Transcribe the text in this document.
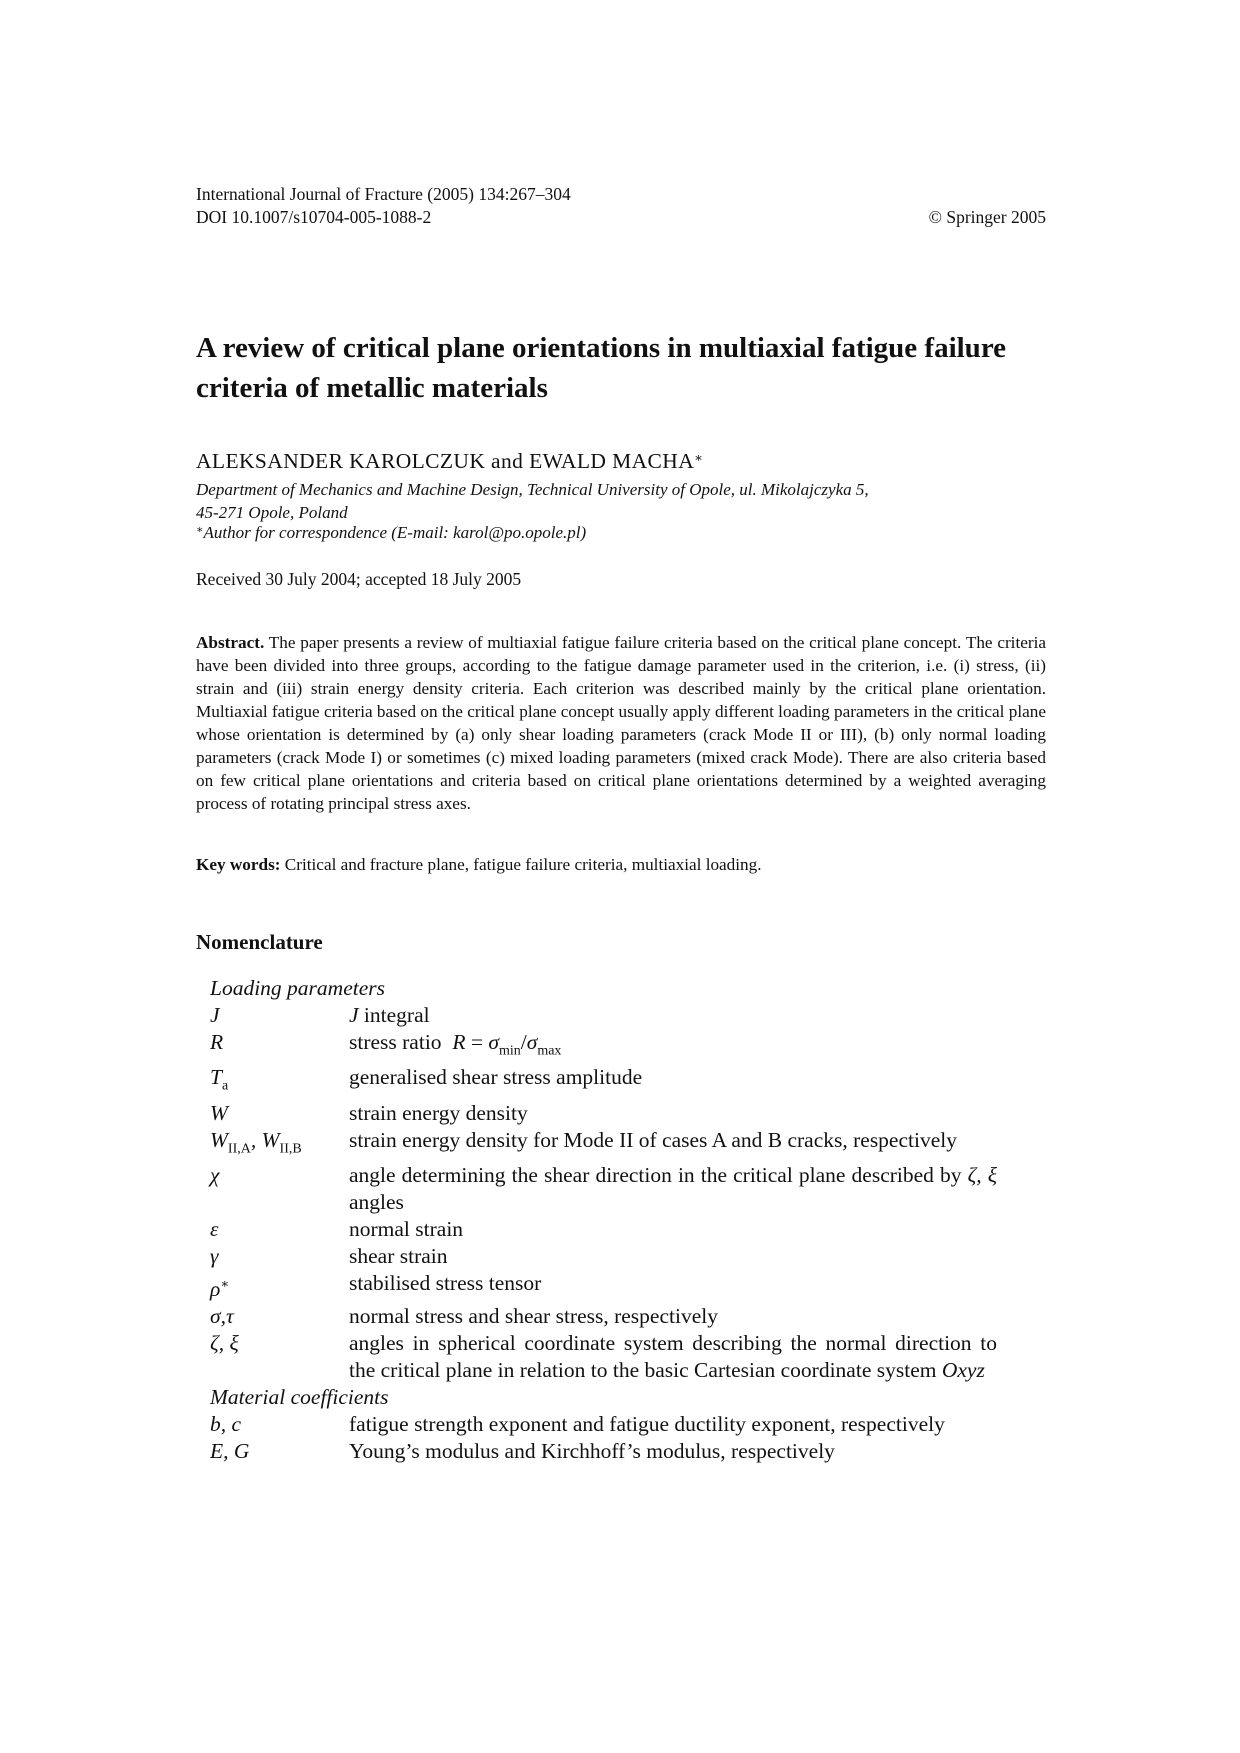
International Journal of Fracture (2005) 134:267–304
DOI 10.1007/s10704-005-1088-2	© Springer 2005
A review of critical plane orientations in multiaxial fatigue failure
criteria of metallic materials
ALEKSANDER KAROLCZUK and EWALD MACHA∗
Department of Mechanics and Machine Design, Technical University of Opole, ul. Mikolajczyka 5,
45-271 Opole, Poland
∗Author for correspondence (E-mail: karol@po.opole.pl)
Received 30 July 2004; accepted 18 July 2005
Abstract. The paper presents a review of multiaxial fatigue failure criteria based on the critical plane concept. The criteria have been divided into three groups, according to the fatigue damage parameter used in the criterion, i.e. (i) stress, (ii) strain and (iii) strain energy density criteria. Each criterion was described mainly by the critical plane orientation. Multiaxial fatigue criteria based on the critical plane concept usually apply different loading parameters in the critical plane whose orientation is determined by (a) only shear loading parameters (crack Mode II or III), (b) only normal loading parameters (crack Mode I) or sometimes (c) mixed loading parameters (mixed crack Mode). There are also criteria based on few critical plane orientations and criteria based on critical plane orientations determined by a weighted averaging process of rotating principal stress axes.
Key words: Critical and fracture plane, fatigue failure criteria, multiaxial loading.
Nomenclature
Loading parameters
J	J integral
R	stress ratio $R = \sigma_{min}/\sigma_{max}$
$T_a$	generalised shear stress amplitude
W	strain energy density
$W_{II,A}$, $W_{II,B}$	strain energy density for Mode II of cases A and B cracks, respectively
χ	angle determining the shear direction in the critical plane described by ζ, ξ angles
ε	normal strain
γ	shear strain
ρ∗	stabilised stress tensor
σ,τ	normal stress and shear stress, respectively
ζ, ξ	angles in spherical coordinate system describing the normal direction to the critical plane in relation to the basic Cartesian coordinate system Oxyz
Material coefficients
b, c	fatigue strength exponent and fatigue ductility exponent, respectively
E, G	Young’s modulus and Kirchhoff’s modulus, respectively
